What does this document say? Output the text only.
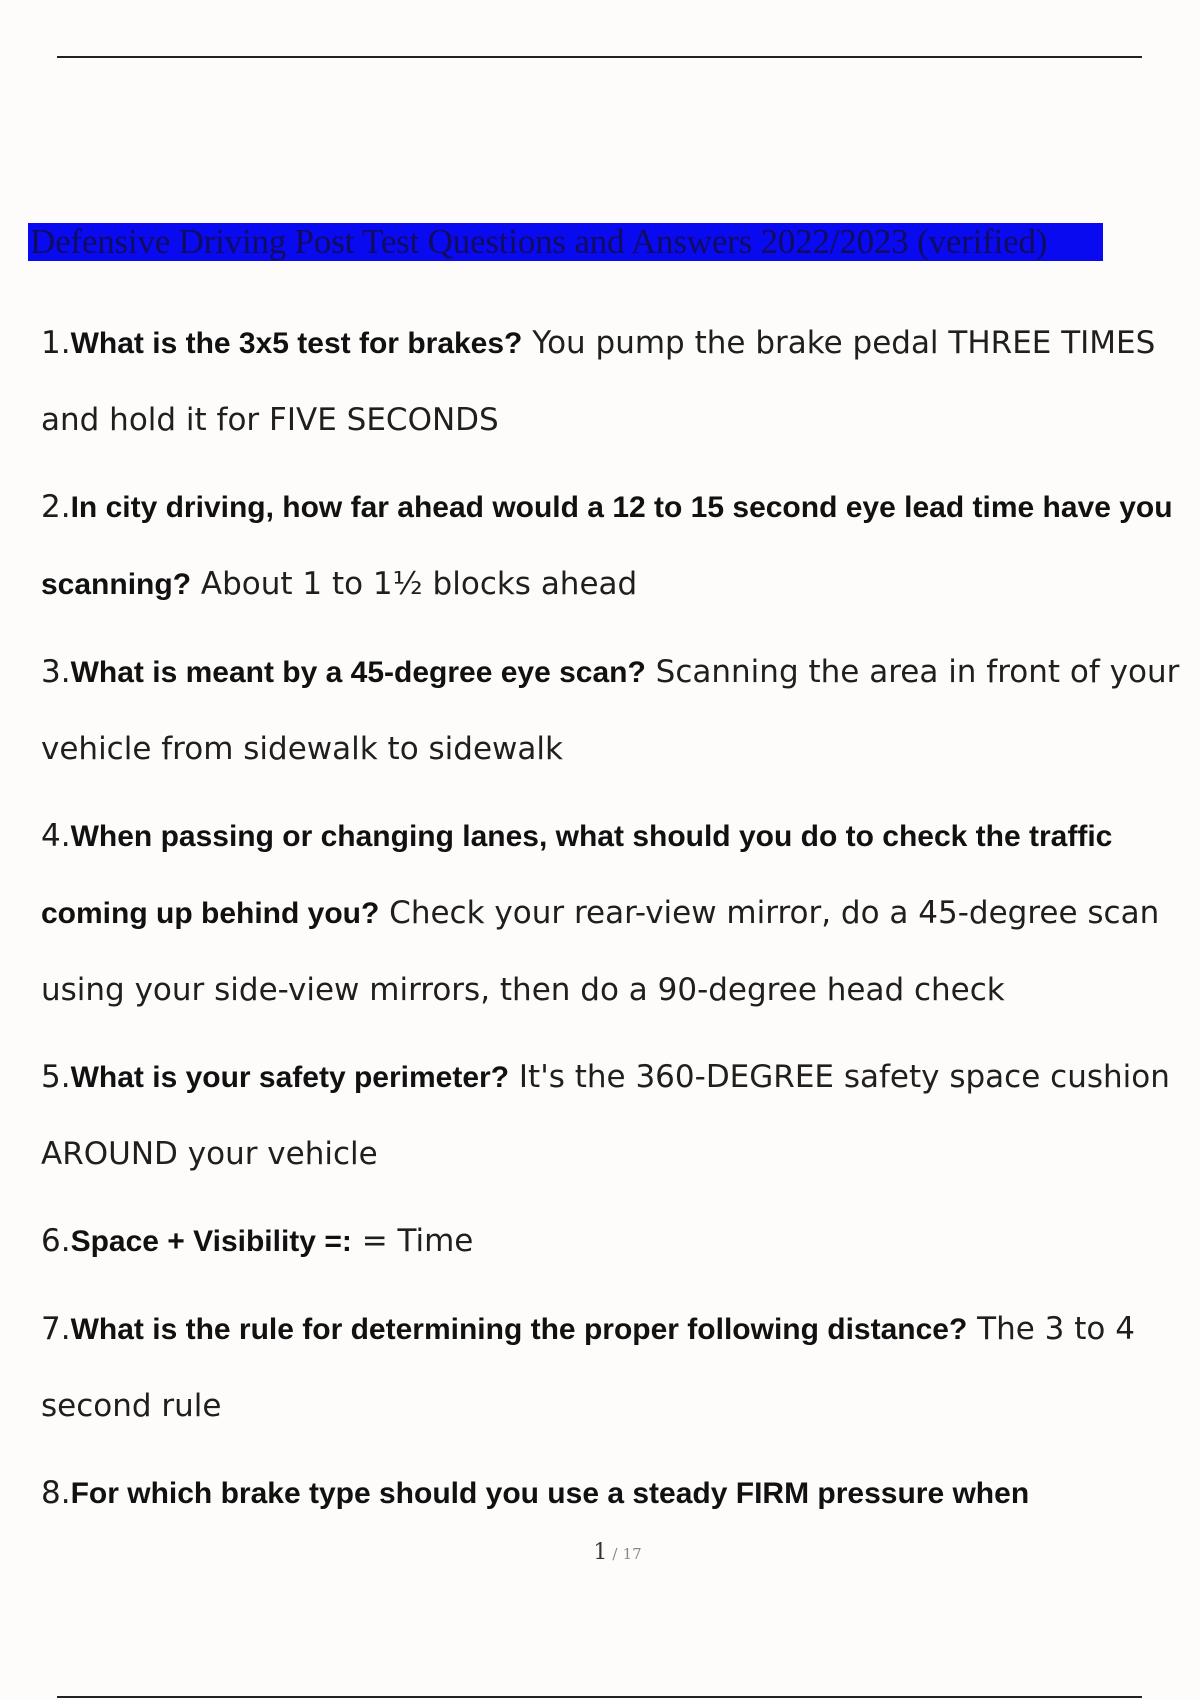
Defensive Driving Post Test Questions and Answers 2022/2023 (verified)
1.What is the 3x5 test for brakes? You pump the brake pedal THREE TIMES and hold it for FIVE SECONDS
2.In city driving, how far ahead would a 12 to 15 second eye lead time have you scanning? About 1 to 1½ blocks ahead
3.What is meant by a 45-degree eye scan? Scanning the area in front of your vehicle from sidewalk to sidewalk
4.When passing or changing lanes, what should you do to check the traffic coming up behind you? Check your rear-view mirror, do a 45-degree scan using your side-view mirrors, then do a 90-degree head check
5.What is your safety perimeter? It's the 360-DEGREE safety space cushion AROUND your vehicle
6.Space + Visibility =: = Time
7.What is the rule for determining the proper following distance? The 3 to 4 second rule
8.For which brake type should you use a steady FIRM pressure when
1 / 17
